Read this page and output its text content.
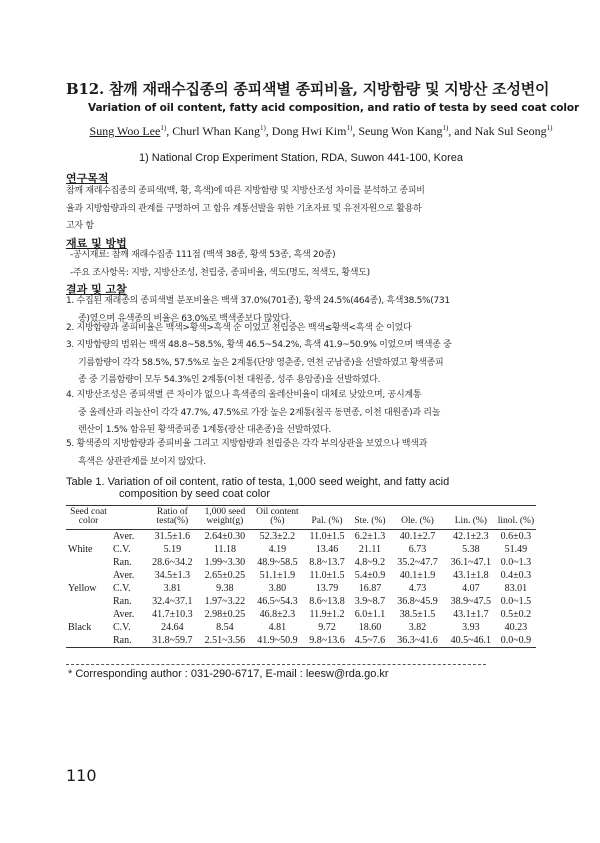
B12. 참깨 재래수집종의 종피색별 종피비율, 지방함량 및 지방산 조성변이
Variation of oil content, fatty acid composition, and ratio of testa by seed coat color
Sung Woo Lee$^{1)}$, Churl Whan Kang$^{1)}$, Dong Hwi Kim$^{1)}$, Seung Won Kang$^{1)}$, and Nak Sul Seong$^{1)}$
1) National Crop Experiment Station, RDA, Suwon 441-100, Korea
연구목적
참깨 재래수집종의 종피색(백, 황, 흑색)에 따른 지방함량 및 지방산조성 차이를 분석하고 종피비
율과 지방함량과의 관계를 구명하여 고 함유 계통선발을 위한 기초자료 및 유전자원으로 활용하
고자 함
재료 및 방법
-공시재료: 참깨 재래수집종 111점 (백색 38종, 황색 53종, 흑색 20종)
-주요 조사항목: 지방, 지방산조성, 천립중, 종피비율, 색도(명도, 적색도, 황색도)
결과 및 고찰
1. 수집된 재래종의 종피색별 분포비율은 백색 37.0%(701종), 황색 24.5%(464종), 흑색38.5%(731
종)였으며 유색종의 비율은 63.0%로 백색종보다 많았다.
2. 지방함량과 종피비율은 백색>황색>흑색 순 이었고 천립중은 백색≤황색<흑색 순 이었다
3. 지방함량의 범위는 백색 48.8~58.5%, 황색 46.5~54.2%, 흑색 41.9~50.9% 이었으며 백색종 중
기름함량이 각각 58.5%, 57.5%로 높은 2계통(단양 영춘종, 연천 군남종)을 선발하였고 황색종피
종 중 기름함량이 모두 54.3%인 2계통(이천 대원종, 성주 용암종)을 선발하였다.
4. 지방산조성은 종피색별 큰 차이가 없으나 흑색종의 올레산비율이 대체로 낮았으며, 공시계통
중 올레산과 리놀산이 각각 47.7%, 47.5%로 가장 높은 2계통(칠곡 동면종, 이천 대원종)과 리놀
렌산이 1.5% 함유된 황색종피종 1계통(광산 대촌종)을 선발하였다.
5. 황색종의 지방함량과 종피비율 그리고 지방함량과 천립중은 각각 부의상관을 보였으나 백색과
흑색은 상관관계를 보이지 않았다.
Table 1. Variation of oil content, ratio of testa, 1,000 seed weight, and fatty acid
composition by seed coat color
Seed coat color		Ratio of testa(%)	1,000 seed weight(g)	Oil content (%)	Pal. (%)	Ste. (%)	Ole. (%)	Lin. (%)	linol. (%)
	Aver.	31.5±1.6	2.64±0.30	52.3±2.2	11.0±1.5	6.2±1.3	40.1±2.7	42.1±2.3	0.6±0.3
White	C.V.	5.19	11.18	4.19	13.46	21.11	6.73	5.38	51.49
	Ran.	28.6~34.2	1.99~3.30	48.9~58.5	8.8~13.7	4.8~9.2	35.2~47.7	36.1~47.1	0.0~1.3
	Aver.	34.5±1.3	2.65±0.25	51.1±1.9	11.0±1.5	5.4±0.9	40.1±1.9	43.1±1.8	0.4±0.3
Yellow	C.V.	3.81	9.38	3.80	13.79	16.87	4.73	4.07	83.01
	Ran.	32.4~37.1	1.97~3.22	46.5~54.3	8.6~13.8	3.9~8.7	36.8~45.9	38.9~47.5	0.0~1.5
	Aver.	41.7±10.3	2.98±0.25	46.8±2.3	11.9±1.2	6.0±1.1	38.5±1.5	43.1±1.7	0.5±0.2
Black	C.V.	24.64	8.54	4.81	9.72	18.60	3.82	3.93	40.23
	Ran.	31.8~59.7	2.51~3.56	41.9~50.9	9.8~13.6	4.5~7.6	36.3~41.6	40.5~46.1	0.0~0.9
* Corresponding author : 031-290-6717, E-mail : leesw@rda.go.kr
110
